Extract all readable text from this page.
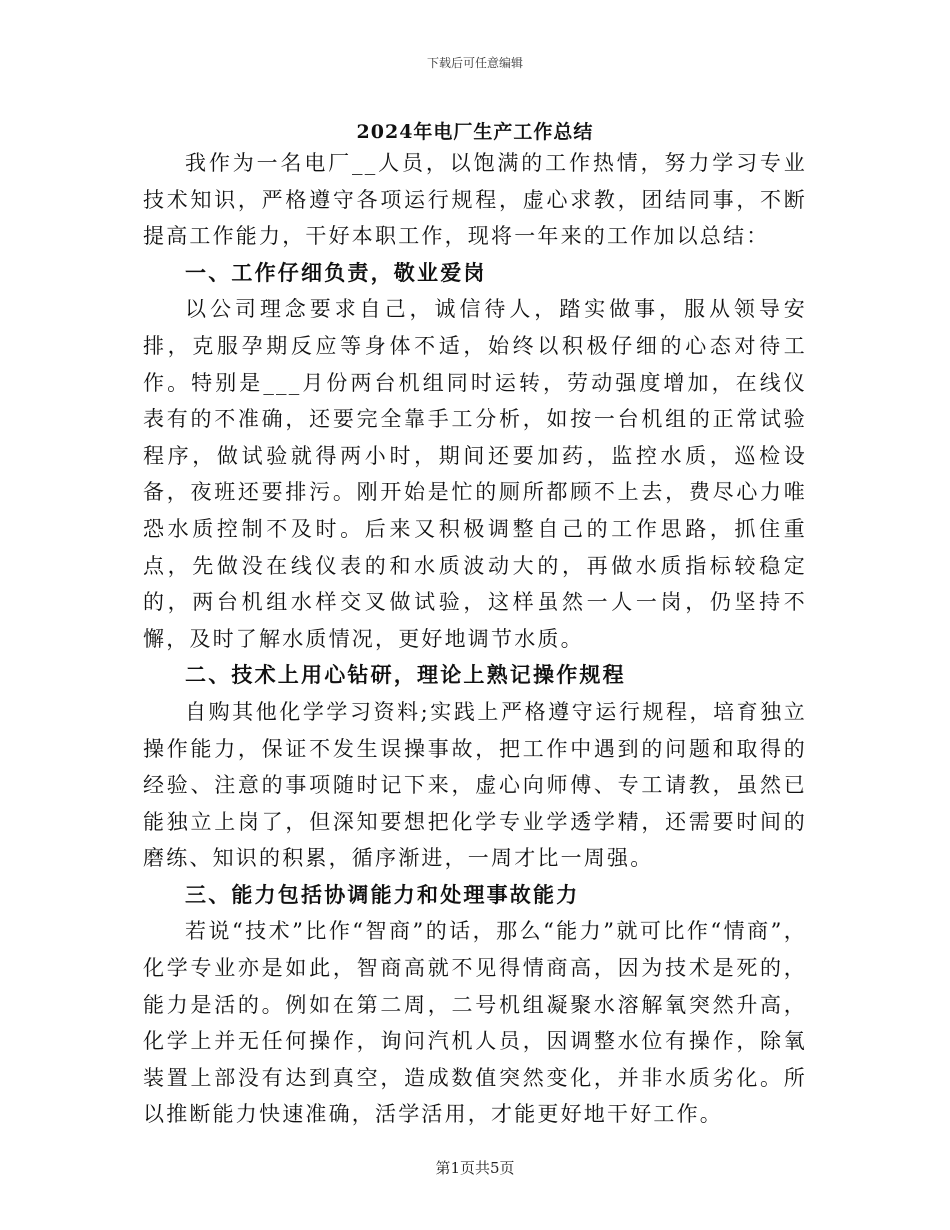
下载后可任意编辑
2024年电厂生产工作总结

我作为一名电厂__人员，以饱满的工作热情，努力学习专业技术知识，严格遵守各项运行规程，虚心求教，团结同事，不断提高工作能力，干好本职工作，现将一年来的工作加以总结：

一、工作仔细负责，敬业爱岗

以公司理念要求自己，诚信待人，踏实做事，服从领导安排，克服孕期反应等身体不适，始终以积极仔细的心态对待工作。特别是___月份两台机组同时运转，劳动强度增加，在线仪表有的不准确，还要完全靠手工分析，如按一台机组的正常试验程序，做试验就得两小时，期间还要加药，监控水质，巡检设备，夜班还要排污。刚开始是忙的厕所都顾不上去，费尽心力唯恐水质控制不及时。后来又积极调整自己的工作思路，抓住重点，先做没在线仪表的和水质波动大的，再做水质指标较稳定的，两台机组水样交叉做试验，这样虽然一人一岗，仍坚持不懈，及时了解水质情况，更好地调节水质。

二、技术上用心钻研，理论上熟记操作规程

自购其他化学学习资料;实践上严格遵守运行规程，培育独立操作能力，保证不发生误操事故，把工作中遇到的问题和取得的经验、注意的事项随时记下来，虚心向师傅、专工请教，虽然已能独立上岗了，但深知要想把化学专业学透学精，还需要时间的磨练、知识的积累，循序渐进，一周才比一周强。

三、能力包括协调能力和处理事故能力

若说“技术”比作“智商”的话，那么“能力”就可比作“情商”，化学专业亦是如此，智商高就不见得情商高，因为技术是死的，能力是活的。例如在第二周，二号机组凝聚水溶解氧突然升高，化学上并无任何操作，询问汽机人员，因调整水位有操作，除氧装置上部没有达到真空，造成数值突然变化，并非水质劣化。所以推断能力快速准确，活学活用，才能更好地干好工作。

第1页共5页
